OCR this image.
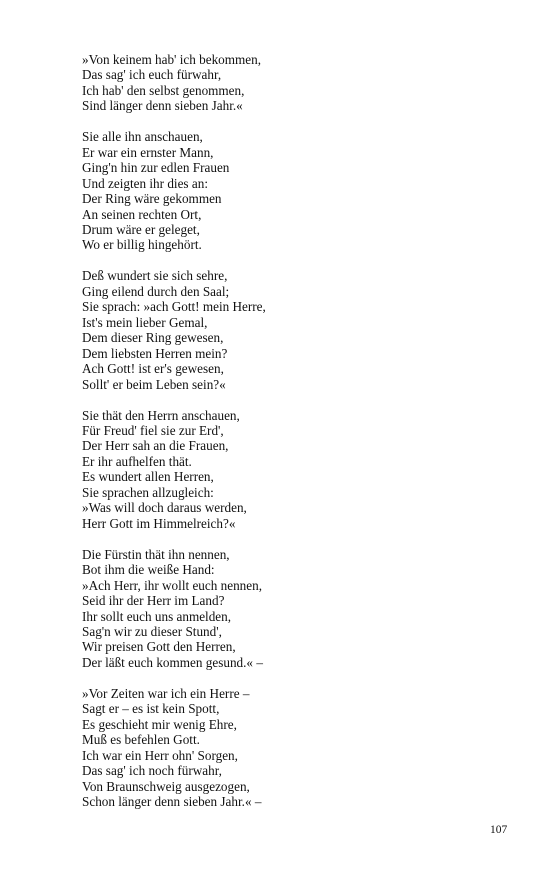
»Von keinem hab' ich bekommen,
Das sag' ich euch fürwahr,
Ich hab' den selbst genommen,
Sind länger denn sieben Jahr.«
Sie alle ihn anschauen,
Er war ein ernster Mann,
Ging'n hin zur edlen Frauen
Und zeigten ihr dies an:
Der Ring wäre gekommen
An seinen rechten Ort,
Drum wäre er geleget,
Wo er billig hingehört.
Deß wundert sie sich sehre,
Ging eilend durch den Saal;
Sie sprach: »ach Gott! mein Herre,
Ist's mein lieber Gemal,
Dem dieser Ring gewesen,
Dem liebsten Herren mein?
Ach Gott! ist er's gewesen,
Sollt' er beim Leben sein?«
Sie thät den Herrn anschauen,
Für Freud' fiel sie zur Erd',
Der Herr sah an die Frauen,
Er ihr aufhelfen thät.
Es wundert allen Herren,
Sie sprachen allzugleich:
»Was will doch daraus werden,
Herr Gott im Himmelreich?«
Die Fürstin thät ihn nennen,
Bot ihm die weiße Hand:
»Ach Herr, ihr wollt euch nennen,
Seid ihr der Herr im Land?
Ihr sollt euch uns anmelden,
Sag'n wir zu dieser Stund',
Wir preisen Gott den Herren,
Der läßt euch kommen gesund.« –
»Vor Zeiten war ich ein Herre –
Sagt er – es ist kein Spott,
Es geschieht mir wenig Ehre,
Muß es befehlen Gott.
Ich war ein Herr ohn' Sorgen,
Das sag' ich noch fürwahr,
Von Braunschweig ausgezogen,
Schon länger denn sieben Jahr.« –
107
